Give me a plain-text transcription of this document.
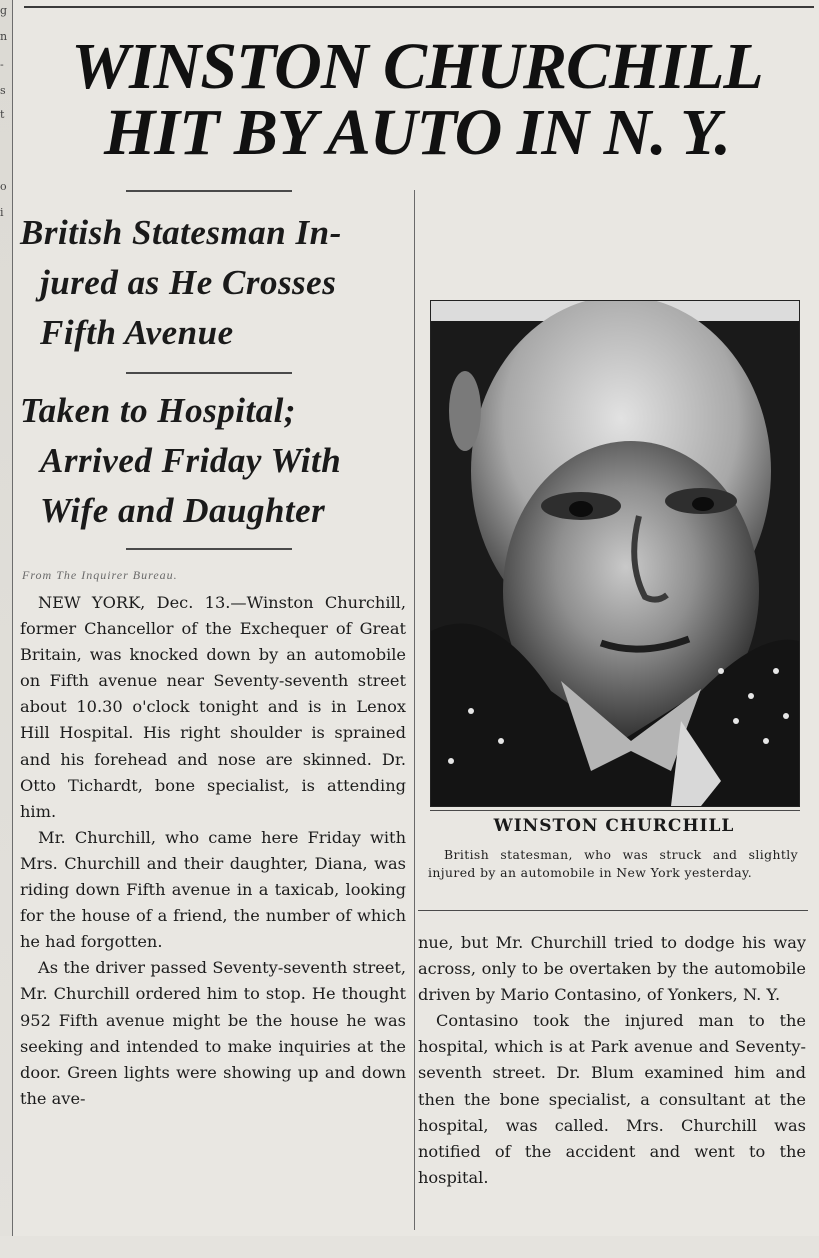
g
n
-
s
t
o
i
WINSTON CHURCHILL
HIT BY AUTO IN N. Y.
British Statesman In-
jured as He Crosses
Fifth Avenue
Taken to Hospital;
Arrived Friday With
Wife and Daughter
From The Inquirer Bureau.

NEW YORK, Dec. 13.—Winston Churchill, former Chancellor of the Exchequer of Great Britain, was knocked down by an automobile on Fifth avenue near Seventy-seventh street about 10.30 o'clock tonight and is in Lenox Hill Hospital. His right shoulder is sprained and his forehead and nose are skinned. Dr. Otto Tichardt, bone specialist, is attending him.

Mr. Churchill, who came here Friday with Mrs. Churchill and their daughter, Diana, was riding down Fifth avenue in a taxicab, looking for the house of a friend, the number of which he had forgotten.

As the driver passed Seventy-seventh street, Mr. Churchill ordered him to stop. He thought 952 Fifth avenue might be the house he was seeking and intended to make inquiries at the door. Green lights were showing up and down the ave-

WINSTON CHURCHILL

British statesman, who was struck and slightly injured by an automobile in New York yesterday.

nue, but Mr. Churchill tried to dodge his way across, only to be overtaken by the automobile driven by Mario Contasino, of Yonkers, N. Y.

Contasino took the injured man to the hospital, which is at Park avenue and Seventy-seventh street. Dr. Blum examined him and then the bone specialist, a consultant at the hospital, was called. Mrs. Churchill was notified of the accident and went to the hospital.
